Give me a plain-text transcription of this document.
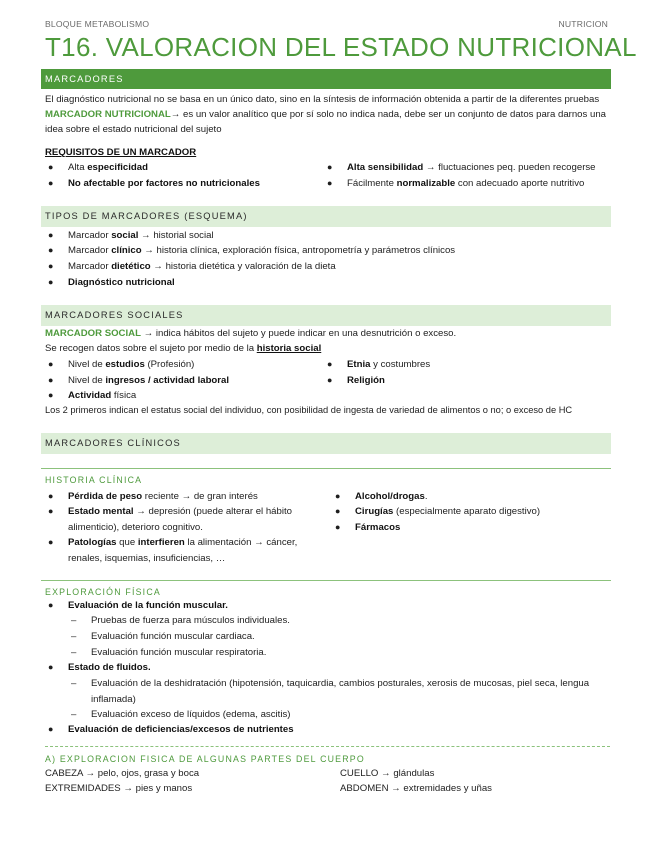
BLOQUE METABOLISMO	NUTRICION
T16. VALORACION DEL ESTADO NUTRICIONAL
MARCADORES
El diagnóstico nutricional no se basa en un único dato, sino en la síntesis de información obtenida a partir de la diferentes pruebas
MARCADOR NUTRICIONAL→ es un valor analítico que por sí solo no indica nada, debe ser un conjunto de datos para darnos una
idea sobre el estado nutricional del sujeto
REQUISITOS DE UN MARCADOR
● Alta especificidad
● No afectable por factores no nutricionales
● Alta sensibilidad → fluctuaciones peq. pueden recogerse
● Fácilmente normalizable con adecuado aporte nutritivo
TIPOS DE MARCADORES (ESQUEMA)
● Marcador social → historial social
● Marcador clínico → historia clínica, exploración física, antropometría y parámetros clínicos
● Marcador dietético → historia dietética y valoración de la dieta
● Diagnóstico nutricional
MARCADORES SOCIALES
MARCADOR SOCIAL → indica hábitos del sujeto y puede indicar en una desnutrición o exceso.
Se recogen datos sobre el sujeto por medio de la historia social
● Nivel de estudios (Profesión)
● Nivel de ingresos / actividad laboral
● Actividad física
● Etnia y costumbres
● Religión
Los 2 primeros indican el estatus social del individuo, con posibilidad de ingesta de variedad de alimentos o no; o exceso de HC
MARCADORES CLÍNICOS
HISTORIA CLÍNICA
● Pérdida de peso reciente → de gran interés
● Estado mental → depresión (puede alterar el hábito alimenticio), deterioro cognitivo.
● Patologías que interfieren la alimentación → cáncer, renales, isquemias, insuficiencias, …
● Alcohol/drogas.
● Cirugías (especialmente aparato digestivo)
● Fármacos
EXPLORACIÓN FÍSICA
● Evaluación de la función muscular.
– Pruebas de fuerza para músculos individuales.
– Evaluación función muscular cardiaca.
– Evaluación función muscular respiratoria.
● Estado de fluidos.
– Evaluación de la deshidratación (hipotensión, taquicardia, cambios posturales, xerosis de mucosas, piel seca, lengua inflamada)
– Evaluación exceso de líquidos (edema, ascitis)
● Evaluación de deficiencias/excesos de nutrientes
A) EXPLORACION FISICA DE ALGUNAS PARTES DEL CUERPO
CABEZA → pelo, ojos, grasa y boca
EXTREMIDADES → pies y manos
CUELLO → glándulas
ABDOMEN → extremidades y uñas
